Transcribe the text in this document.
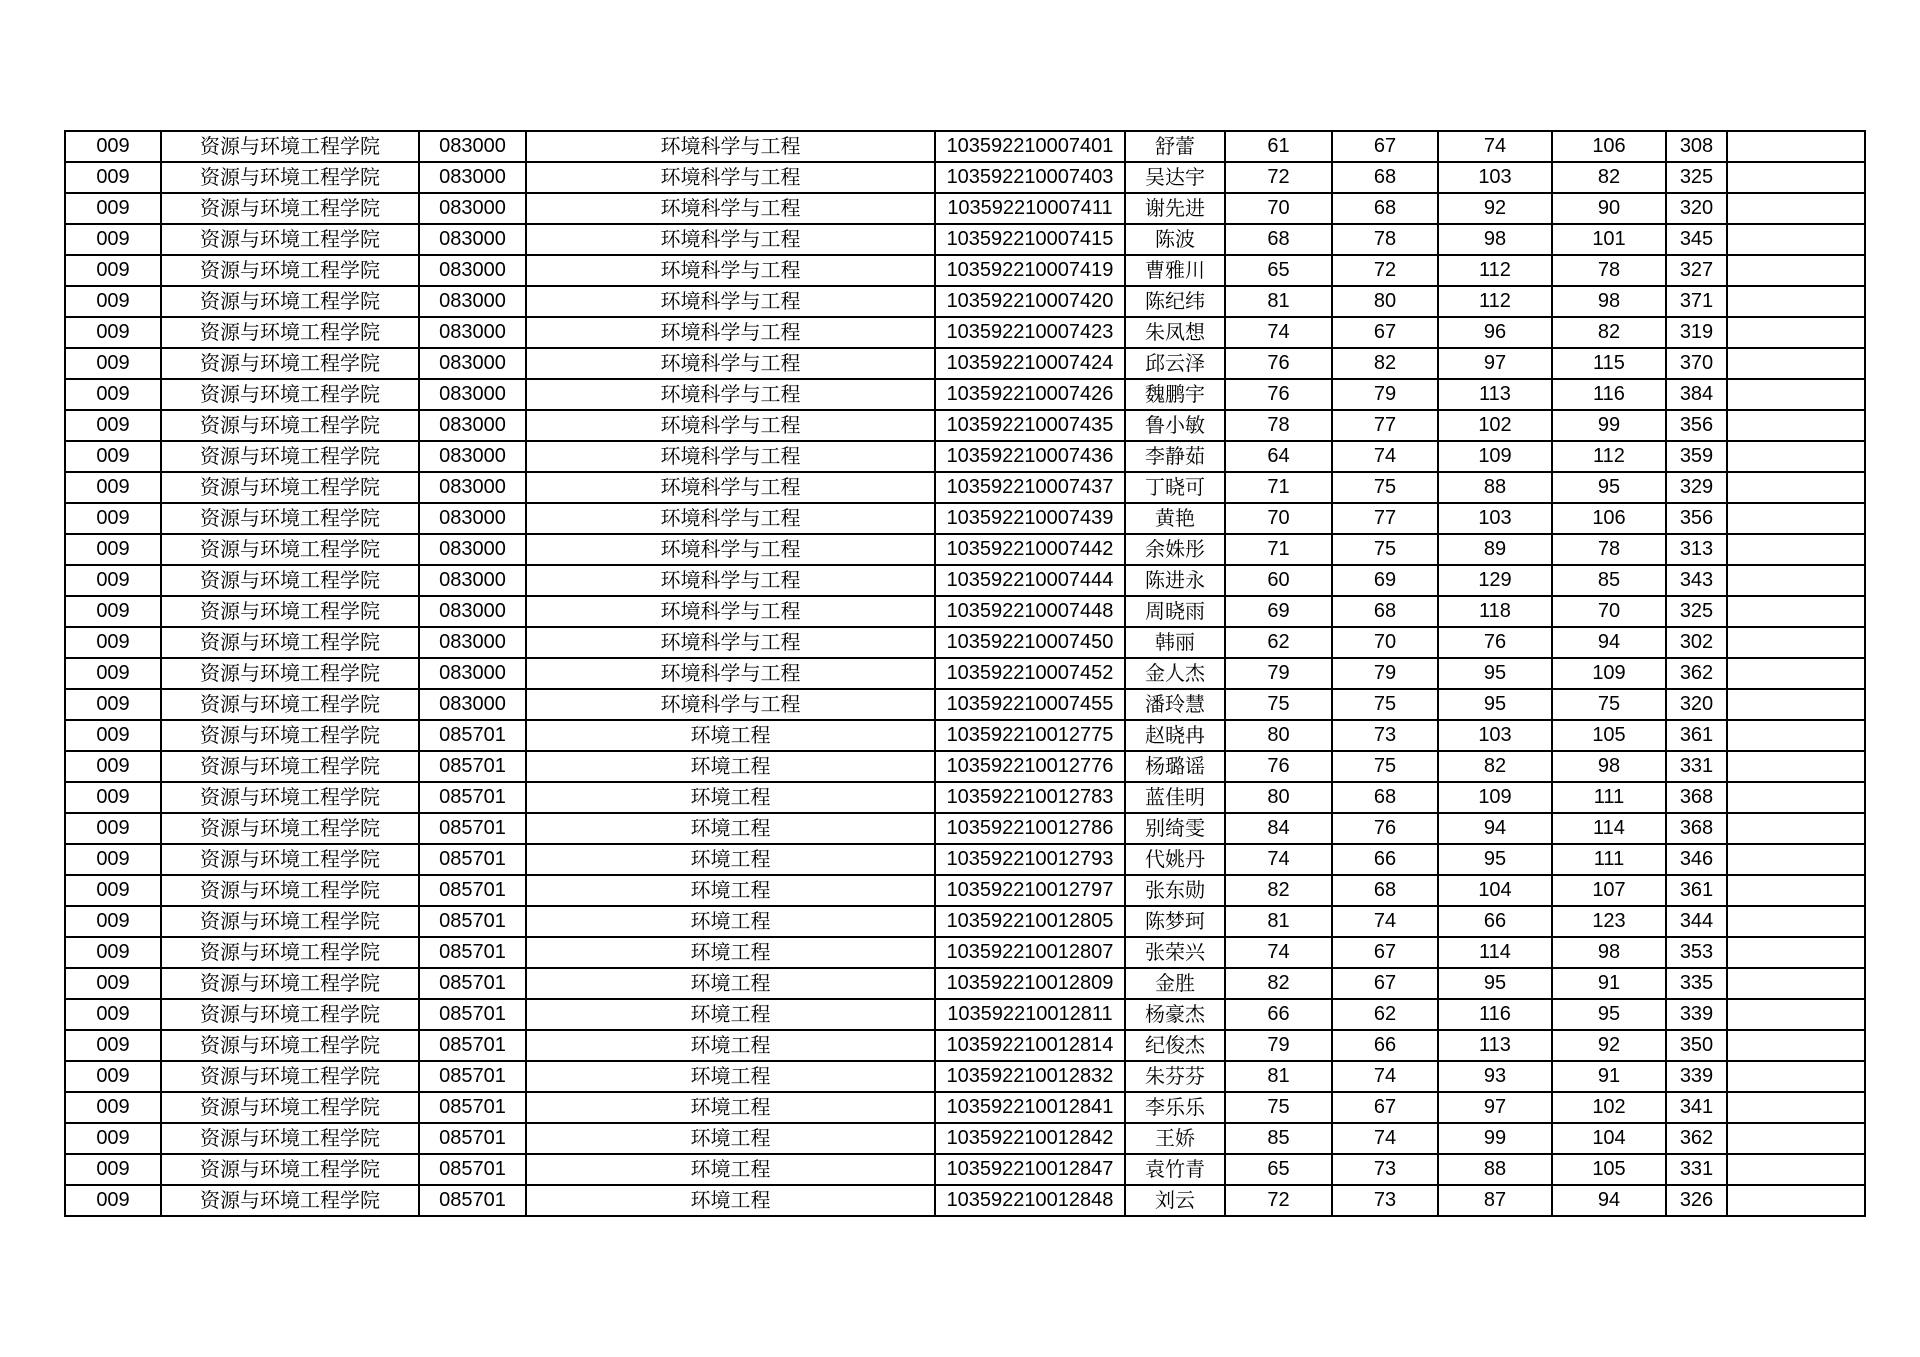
009	资源与环境工程学院	083000	环境科学与工程	103592210007401	舒蕾	61	67	74	106	308	
009	资源与环境工程学院	083000	环境科学与工程	103592210007403	吴达宇	72	68	103	82	325	
009	资源与环境工程学院	083000	环境科学与工程	103592210007411	谢先进	70	68	92	90	320	
009	资源与环境工程学院	083000	环境科学与工程	103592210007415	陈波	68	78	98	101	345	
009	资源与环境工程学院	083000	环境科学与工程	103592210007419	曹雅川	65	72	112	78	327	
009	资源与环境工程学院	083000	环境科学与工程	103592210007420	陈纪纬	81	80	112	98	371	
009	资源与环境工程学院	083000	环境科学与工程	103592210007423	朱凤想	74	67	96	82	319	
009	资源与环境工程学院	083000	环境科学与工程	103592210007424	邱云泽	76	82	97	115	370	
009	资源与环境工程学院	083000	环境科学与工程	103592210007426	魏鹏宇	76	79	113	116	384	
009	资源与环境工程学院	083000	环境科学与工程	103592210007435	鲁小敏	78	77	102	99	356	
009	资源与环境工程学院	083000	环境科学与工程	103592210007436	李静茹	64	74	109	112	359	
009	资源与环境工程学院	083000	环境科学与工程	103592210007437	丁晓可	71	75	88	95	329	
009	资源与环境工程学院	083000	环境科学与工程	103592210007439	黄艳	70	77	103	106	356	
009	资源与环境工程学院	083000	环境科学与工程	103592210007442	余姝彤	71	75	89	78	313	
009	资源与环境工程学院	083000	环境科学与工程	103592210007444	陈进永	60	69	129	85	343	
009	资源与环境工程学院	083000	环境科学与工程	103592210007448	周晓雨	69	68	118	70	325	
009	资源与环境工程学院	083000	环境科学与工程	103592210007450	韩丽	62	70	76	94	302	
009	资源与环境工程学院	083000	环境科学与工程	103592210007452	金人杰	79	79	95	109	362	
009	资源与环境工程学院	083000	环境科学与工程	103592210007455	潘玲慧	75	75	95	75	320	
009	资源与环境工程学院	085701	环境工程	103592210012775	赵晓冉	80	73	103	105	361	
009	资源与环境工程学院	085701	环境工程	103592210012776	杨璐谣	76	75	82	98	331	
009	资源与环境工程学院	085701	环境工程	103592210012783	蓝佳明	80	68	109	111	368	
009	资源与环境工程学院	085701	环境工程	103592210012786	别绮雯	84	76	94	114	368	
009	资源与环境工程学院	085701	环境工程	103592210012793	代姚丹	74	66	95	111	346	
009	资源与环境工程学院	085701	环境工程	103592210012797	张东勋	82	68	104	107	361	
009	资源与环境工程学院	085701	环境工程	103592210012805	陈梦珂	81	74	66	123	344	
009	资源与环境工程学院	085701	环境工程	103592210012807	张荣兴	74	67	114	98	353	
009	资源与环境工程学院	085701	环境工程	103592210012809	金胜	82	67	95	91	335	
009	资源与环境工程学院	085701	环境工程	103592210012811	杨豪杰	66	62	116	95	339	
009	资源与环境工程学院	085701	环境工程	103592210012814	纪俊杰	79	66	113	92	350	
009	资源与环境工程学院	085701	环境工程	103592210012832	朱芬芬	81	74	93	91	339	
009	资源与环境工程学院	085701	环境工程	103592210012841	李乐乐	75	67	97	102	341	
009	资源与环境工程学院	085701	环境工程	103592210012842	王娇	85	74	99	104	362	
009	资源与环境工程学院	085701	环境工程	103592210012847	袁竹青	65	73	88	105	331	
009	资源与环境工程学院	085701	环境工程	103592210012848	刘云	72	73	87	94	326	
